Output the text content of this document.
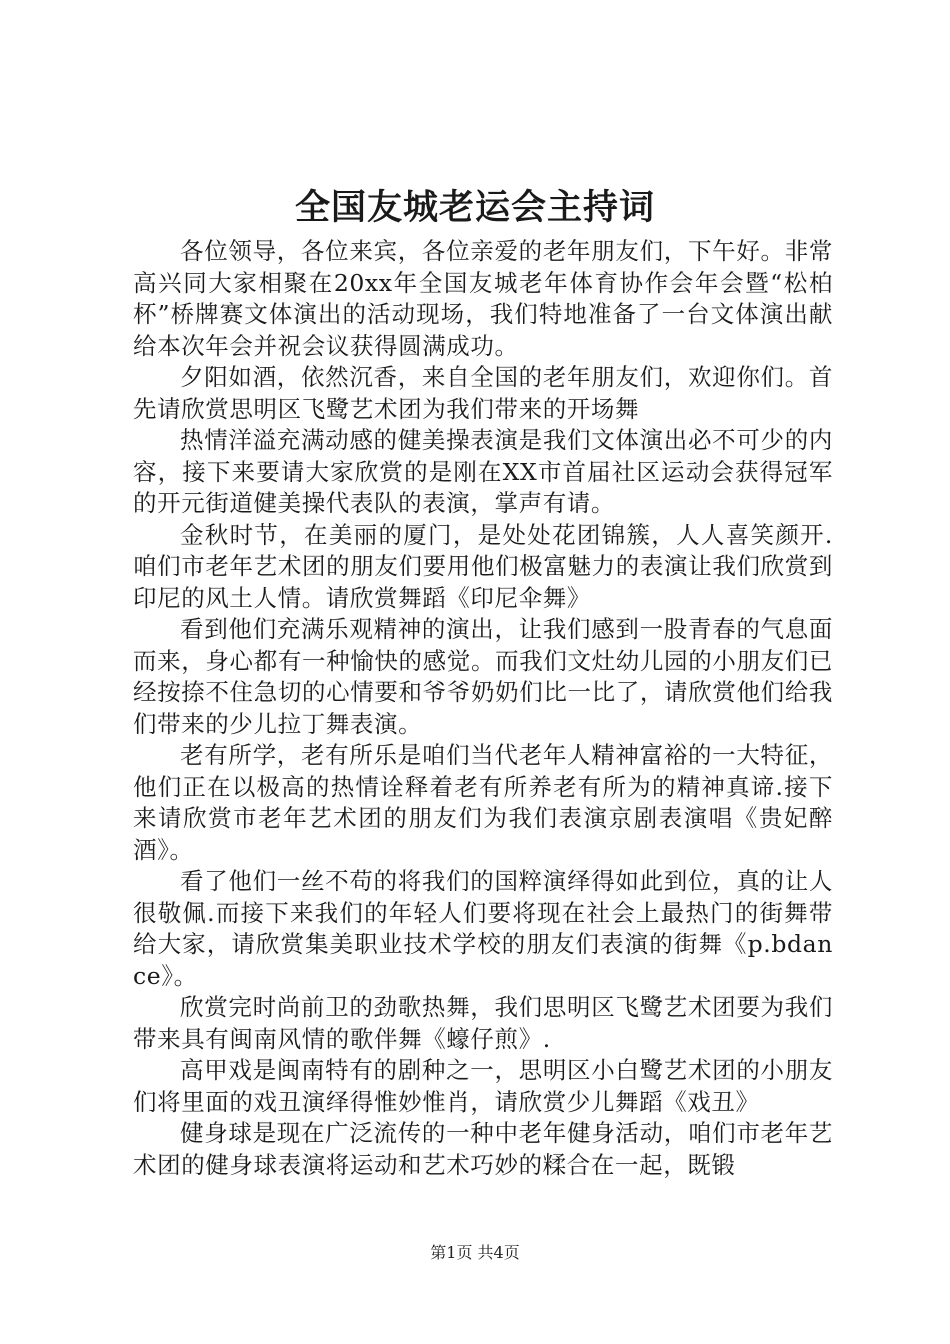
全国友城老运会主持词

各位领导，各位来宾，各位亲爱的老年朋友们，下午好。非常高兴同大家相聚在20xx年全国友城老年体育协作会年会暨“松柏杯”桥牌赛文体演出的活动现场，我们特地准备了一台文体演出献给本次年会并祝会议获得圆满成功。

夕阳如酒，依然沉香，来自全国的老年朋友们，欢迎你们。首先请欣赏思明区飞鹭艺术团为我们带来的开场舞

热情洋溢充满动感的健美操表演是我们文体演出必不可少的内容，接下来要请大家欣赏的是刚在XX市首届社区运动会获得冠军的开元街道健美操代表队的表演，掌声有请。

金秋时节，在美丽的厦门，是处处花团锦簇，人人喜笑颜开.咱们市老年艺术团的朋友们要用他们极富魅力的表演让我们欣赏到印尼的风土人情。请欣赏舞蹈《印尼伞舞》

看到他们充满乐观精神的演出，让我们感到一股青春的气息面而来，身心都有一种愉快的感觉。而我们文灶幼儿园的小朋友们已经按捺不住急切的心情要和爷爷奶奶们比一比了，请欣赏他们给我们带来的少儿拉丁舞表演。

老有所学，老有所乐是咱们当代老年人精神富裕的一大特征，他们正在以极高的热情诠释着老有所养老有所为的精神真谛.接下来请欣赏市老年艺术团的朋友们为我们表演京剧表演唱《贵妃醉酒》。

看了他们一丝不苟的将我们的国粹演绎得如此到位，真的让人很敬佩.而接下来我们的年轻人们要将现在社会上最热门的街舞带给大家，请欣赏集美职业技术学校的朋友们表演的街舞《p.bdance》。

欣赏完时尚前卫的劲歌热舞，我们思明区飞鹭艺术团要为我们带来具有闽南风情的歌伴舞《蠔仔煎》.

高甲戏是闽南特有的剧种之一，思明区小白鹭艺术团的小朋友们将里面的戏丑演绎得惟妙惟肖，请欣赏少儿舞蹈《戏丑》

健身球是现在广泛流传的一种中老年健身活动，咱们市老年艺术团的健身球表演将运动和艺术巧妙的糅合在一起，既锻

第1页 共4页
